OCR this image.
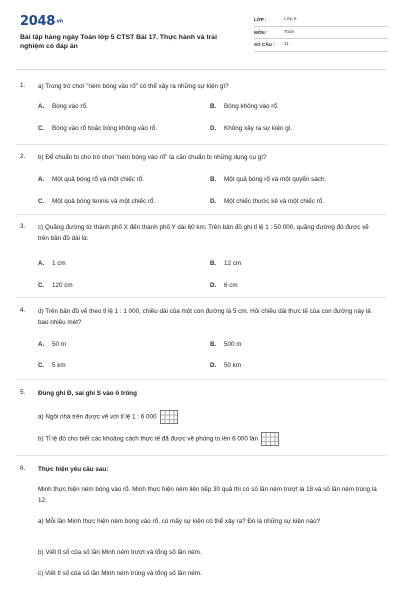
2048.vn
Bài tập hàng ngày Toán lớp 5 CTST Bài 17. Thực hành và trải nghiệm có đáp án
LỚP :	Lớp 5
MÔN :	Toán
SỐ CÂU :	11
1. a) Trong trò chơi "ném bóng vào rổ" có thể xảy ra những sự kiện gì?
A. Bóng vào rổ.	B. Bóng không vào rổ.
C. Bóng vào rổ hoặc bóng không vào rổ.	D. Không xảy ra sự kiện gì.
2. b) Để chuẩn bị cho trò chơi "ném bóng vào rổ" ta cần chuẩn bị những dụng cụ gì?
A. Một quả bóng rổ và một chiếc rổ.	B. Một quả bóng rổ và một quyển sách.
C. Một quả bóng tennis và một chiếc rổ.	D. Một chiếc thước kẻ và một chiếc rổ.
3. c) Quãng đường từ thành phố X đến thành phố Y dài 60 km. Trên bản đồ ghi tỉ lệ 1 : 50 000, quãng đường đó được vẽ trên bản đồ dài là:
A. 1 cm	B. 12 cm
C. 120 cm	D. 6 cm
4. d) Trên bản đồ vẽ theo tỉ lệ 1 : 1 000, chiều dài của một con đường là 5 cm. Hỏi chiều dài thực tế của con đường này là bao nhiêu mét?
A. 50 m	B. 500 m
C. 5 km	D. 50 km
5. Đúng ghi Đ, sai ghi S vào ô trống
a) Ngôi nhà trên được vẽ với tỉ lệ 1 : 6 000
b) Tỉ lệ đó cho biết các khoảng cách thực tế đã được vẽ phóng to lên 6 000 lần
6. Thực hiện yêu cầu sau:
Minh thực hiện ném bóng vào rổ. Minh thực hiện ném liên tiếp 30 quả thì có số lần ném trượt là 18 và số lần ném trúng là 12.
a) Mỗi lần Minh thực hiện ném bóng vào rổ, có mấy sự kiện có thể xảy ra? Đó là những sự kiện nào?
b) Viết tỉ số của số lần Minh ném trượt và tổng số lần ném.
c) Viết tỉ số của số lần Minh ném trúng và tổng số lần ném.
